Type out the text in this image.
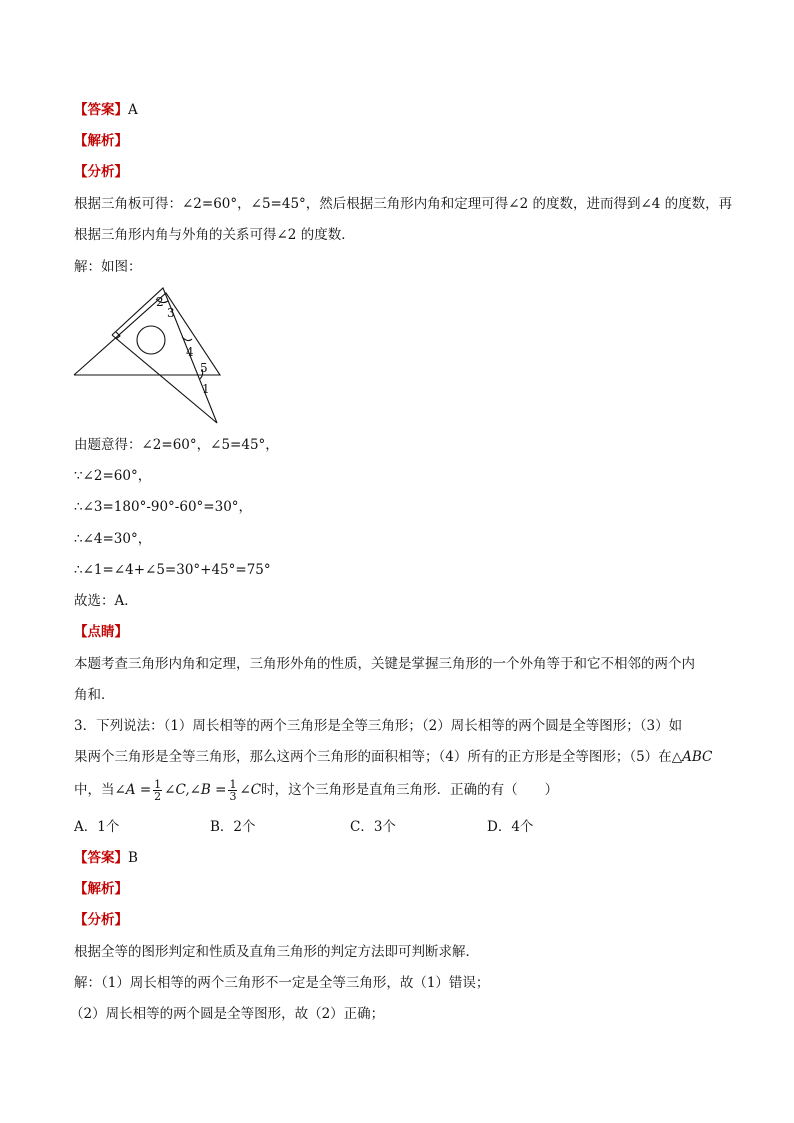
【答案】A
【解析】
【分析】
根据三角板可得：∠2=60°，∠5=45°，然后根据三角形内角和定理可得∠2 的度数，进而得到∠4 的度数，再
根据三角形内角与外角的关系可得∠2 的度数．
解：如图：
2
3
4
5
1
由题意得：∠2=60°，∠5=45°，
∵∠2=60°，
∴∠3=180°-90°-60°=30°，
∴∠4=30°，
∴∠1=∠4+∠5=30°+45°=75°
故选：A．
【点睛】
本题考查三角形内角和定理，三角形外角的性质，关键是掌握三角形的一个外角等于和它不相邻的两个内
角和．
3．下列说法：（1）周长相等的两个三角形是全等三角形；（2）周长相等的两个圆是全等图形；（3）如
果两个三角形是全等三角形，那么这两个三角形的面积相等；（4）所有的正方形是全等图形；（5）在△ABC
中，当∠A = $\frac{1}{2}$ ∠C,∠B = $\frac{1}{3}$ ∠C时，这个三角形是直角三角形．正确的有（　　）
A．1个	B．2个	C．3个	D．4个
【答案】B
【解析】
【分析】
根据全等的图形判定和性质及直角三角形的判定方法即可判断求解．
解：（1）周长相等的两个三角形不一定是全等三角形，故（1）错误；
（2）周长相等的两个圆是全等图形，故（2）正确；
